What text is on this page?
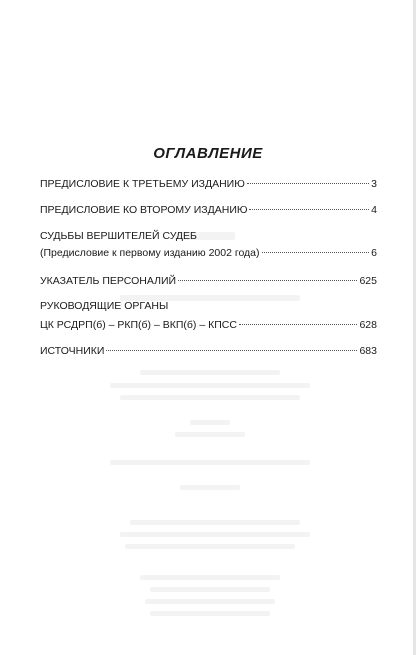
ОГЛАВЛЕНИЕ
ПРЕДИСЛОВИЕ К ТРЕТЬЕМУ ИЗДАНИЮ	3
ПРЕДИСЛОВИЕ КО ВТОРОМУ ИЗДАНИЮ	4
СУДЬБЫ ВЕРШИТЕЛЕЙ СУДЕБ
(Предисловие к первому изданию 2002 года)	6
УКАЗАТЕЛЬ ПЕРСОНАЛИЙ	625
РУКОВОДЯЩИЕ ОРГАНЫ
ЦК РСДРП(б) – РКП(б) – ВКП(б) – КПСС	628
ИСТОЧНИКИ	683
